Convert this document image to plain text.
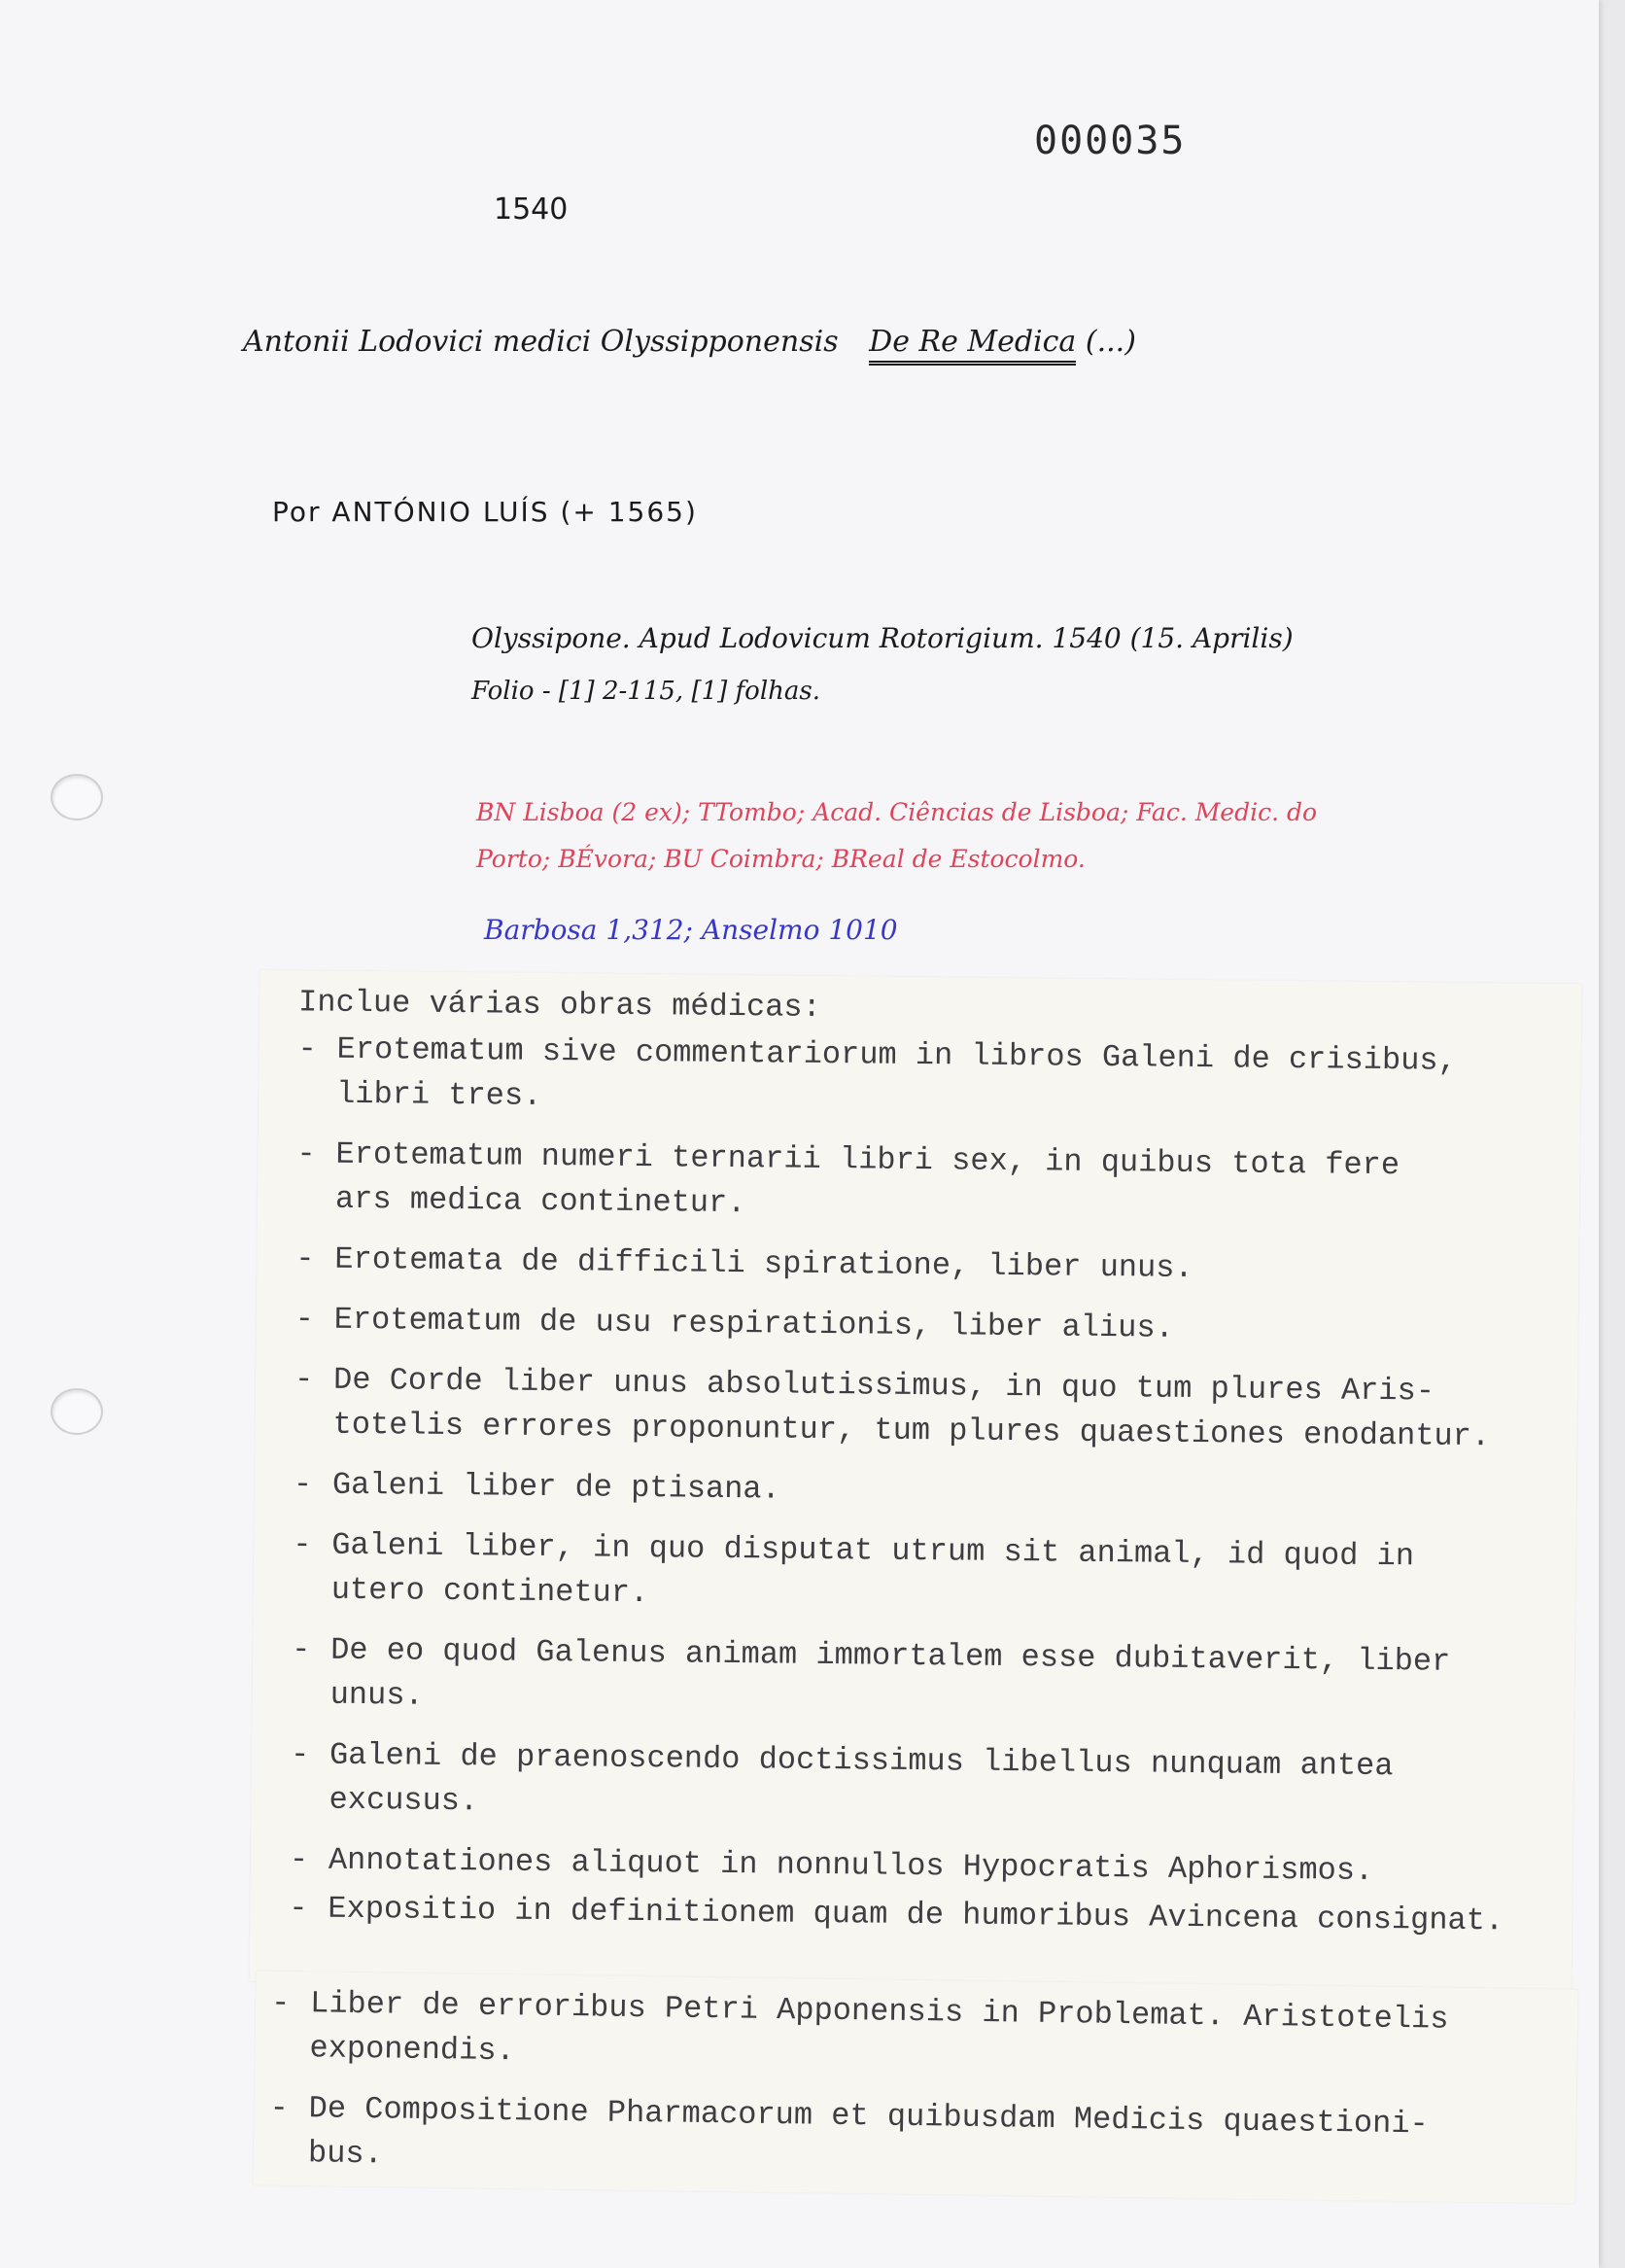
000035
1540
Antonii Lodovici medici Olyssipponensis De Re Medica (...)
Por ANTÓNIO LUÍS (+ 1565)
Olyssipone. Apud Lodovicum Rotorigium. 1540 (15. Aprilis)
Folio - [1] 2-115, [1] folhas.
BN Lisboa (2 ex); TTombo; Acad. Ciências de Lisboa; Fac. Medic. do
Porto; BÉvora; BU Coimbra; BReal de Estocolmo.
Barbosa 1,312; Anselmo 1010
Inclue várias obras médicas:
- Erotematum sive commentariorum in libros Galeni de crisibus,
libri tres.
- Erotematum numeri ternarii libri sex, in quibus tota fere
ars medica continetur.
- Erotemata de difficili spiratione, liber unus.
- Erotematum de usu respirationis, liber alius.
- De Corde liber unus absolutissimus, in quo tum plures Aris-
totelis errores proponuntur, tum plures quaestiones enodantur.
- Galeni liber de ptisana.
- Galeni liber, in quo disputat utrum sit animal, id quod in
utero continetur.
- De eo quod Galenus animam immortalem esse dubitaverit, liber
unus.
- Galeni de praenoscendo doctissimus libellus nunquam antea
excusus.
- Annotationes aliquot in nonnullos Hypocratis Aphorismos.
- Expositio in definitionem quam de humoribus Avincena consignat.
- Liber de erroribus Petri Apponensis in Problemat. Aristotelis
exponendis.
- De Compositione Pharmacorum et quibusdam Medicis quaestioni-
bus.
